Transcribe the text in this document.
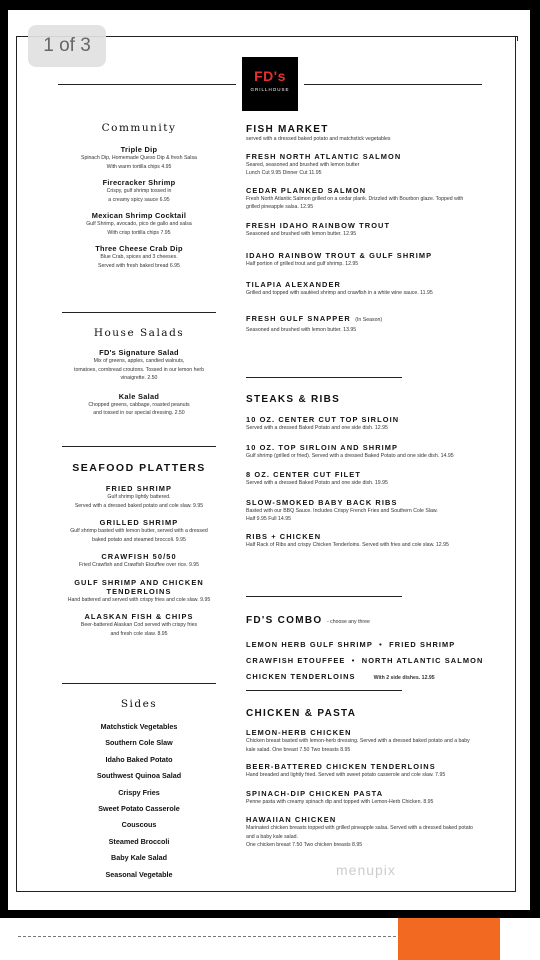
1 of 3
FD's
GRILLHOUSE
Community
Triple Dip
Spinach Dip, Homemade Queso Dip & fresh Salsa
With warm tortilla chips 4.95
Firecracker Shrimp
Crispy, gulf shrimp tossed in
a creamy spicy sauce 6.95
Mexican Shrimp Cocktail
Gulf Shrimp, avocado, pico de gallo and salsa
With crisp tortilla chips 7.95
Three Cheese Crab Dip
Blue Crab, spices and 3 cheeses.
Served with fresh baked bread 6.95
House Salads
FD's Signature Salad
Mix of greens, apples, candied walnuts,
tomatoes, cornbread croutons. Tossed in our lemon herb
vinaigrette. 2.50
Kale Salad
Chopped greens, cabbage, roasted peanuts
and tossed in our special dressing. 2.50
SEAFOOD PLATTERS
FRIED SHRIMP
Gulf shrimp lightly battered.
Served with a dressed baked potato and cole slaw. 9.95
GRILLED SHRIMP
Gulf shrimp basted with lemon butter, served with a dressed
baked potato and steamed broccoli. 9.95
CRAWFISH 50/50
Fried Crawfish and Crawfish Etouffee over rice. 9.95
GULF SHRIMP AND CHICKEN
TENDERLOINS
Hand battered and served with crispy fries and cole slaw. 9.95
ALASKAN FISH & CHIPS
Beer-battered Alaskan Cod served with crispy fries
and fresh cole slaw. 8.95
Sides
Matchstick Vegetables
Southern Cole Slaw
Idaho Baked Potato
Southwest Quinoa Salad
Crispy Fries
Sweet Potato Casserole
Couscous
Steamed Broccoli
Baby Kale Salad
Seasonal Vegetable
FISH MARKET
served with a dressed baked potato and matchstick vegetables
FRESH NORTH ATLANTIC SALMON
Seared, seasoned and brushed with lemon butter
Lunch Cut 9.95 Dinner Cut 11.95
CEDAR PLANKED SALMON
Fresh North Atlantic Salmon grilled on a cedar plank. Drizzled with Bourbon glaze. Topped with
grilled pineapple salsa. 12.95
FRESH IDAHO RAINBOW TROUT
Seasoned and brushed with lemon butter. 12.95
IDAHO RAINBOW TROUT & GULF SHRIMP
Half portion of grilled trout and gulf shrimp. 12.95
TILAPIA ALEXANDER
Grilled and topped with sautéed shrimp and crawfish in a white wine sauce. 11.95
FRESH GULF SNAPPER (In Season)
Seasoned and brushed with lemon butter. 13.95
STEAKS & RIBS
10 OZ. CENTER CUT TOP SIRLOIN
Served with a dressed Baked Potato and one side dish. 12.95
10 OZ. TOP SIRLOIN AND SHRIMP
Gulf shrimp (grilled or fried). Served with a dressed Baked Potato and one side dish. 14.95
8 OZ. CENTER CUT FILET
Served with a dressed Baked Potato and one side dish. 19.95
SLOW-SMOKED BABY BACK RIBS
Basted with our BBQ Sauce. Includes Crispy French Fries and Southern Cole Slaw.
Half 9.95 Full 14.95
RIBS + CHICKEN
Half Rack of Ribs and crispy Chicken Tenderloins. Served with fries and cole slaw. 12.95
FD'S COMBO - choose any three
LEMON HERB GULF SHRIMP • FRIED SHRIMP
CRAWFISH ETOUFFEE • NORTH ATLANTIC SALMON
CHICKEN TENDERLOINS	With 2 side dishes. 12.95
CHICKEN & PASTA
LEMON-HERB CHICKEN
Chicken breast basted with lemon-herb dressing. Served with a dressed baked potato and a baby
kale salad. One breast 7.50 Two breasts 8.95
BEER-BATTERED CHICKEN TENDERLOINS
Hand breaded and lightly fried. Served with sweet potato casserole and cole slaw. 7.95
SPINACH-DIP CHICKEN PASTA
Penne pasta with creamy spinach dip and topped with Lemon-Herb Chicken. 8.95
HAWAIIAN CHICKEN
Marinated chicken breasts topped with grilled pineapple salsa. Served with a dressed baked potato
and a baby kale salad.
One chicken breast 7.50 Two chicken breasts 8.95
menupix
